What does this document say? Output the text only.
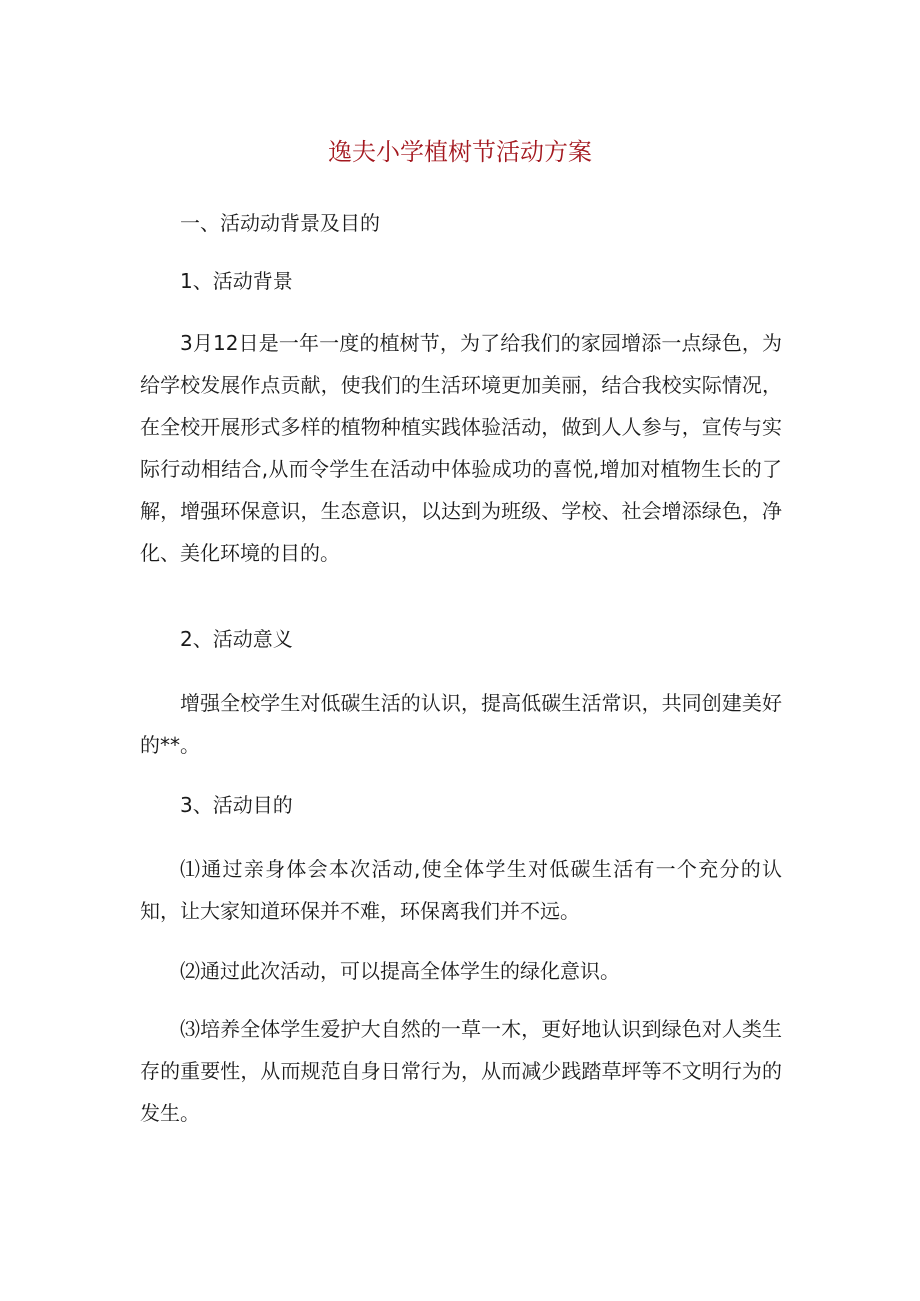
逸夫小学植树节活动方案

一、活动动背景及目的

1、活动背景

3月12日是一年一度的植树节，为了给我们的家园增添一点绿色，为给学校发展作点贡献，使我们的生活环境更加美丽，结合我校实际情况，在全校开展形式多样的植物种植实践体验活动，做到人人参与，宣传与实际行动相结合,从而令学生在活动中体验成功的喜悦,增加对植物生长的了解，增强环保意识，生态意识，以达到为班级、学校、社会增添绿色，净化、美化环境的目的。

2、活动意义

增强全校学生对低碳生活的认识，提高低碳生活常识，共同创建美好的**。

3、活动目的

⑴通过亲身体会本次活动,使全体学生对低碳生活有一个充分的认知，让大家知道环保并不难，环保离我们并不远。

⑵通过此次活动，可以提高全体学生的绿化意识。

⑶培养全体学生爱护大自然的一草一木，更好地认识到绿色对人类生存的重要性，从而规范自身日常行为，从而减少践踏草坪等不文明行为的发生。
